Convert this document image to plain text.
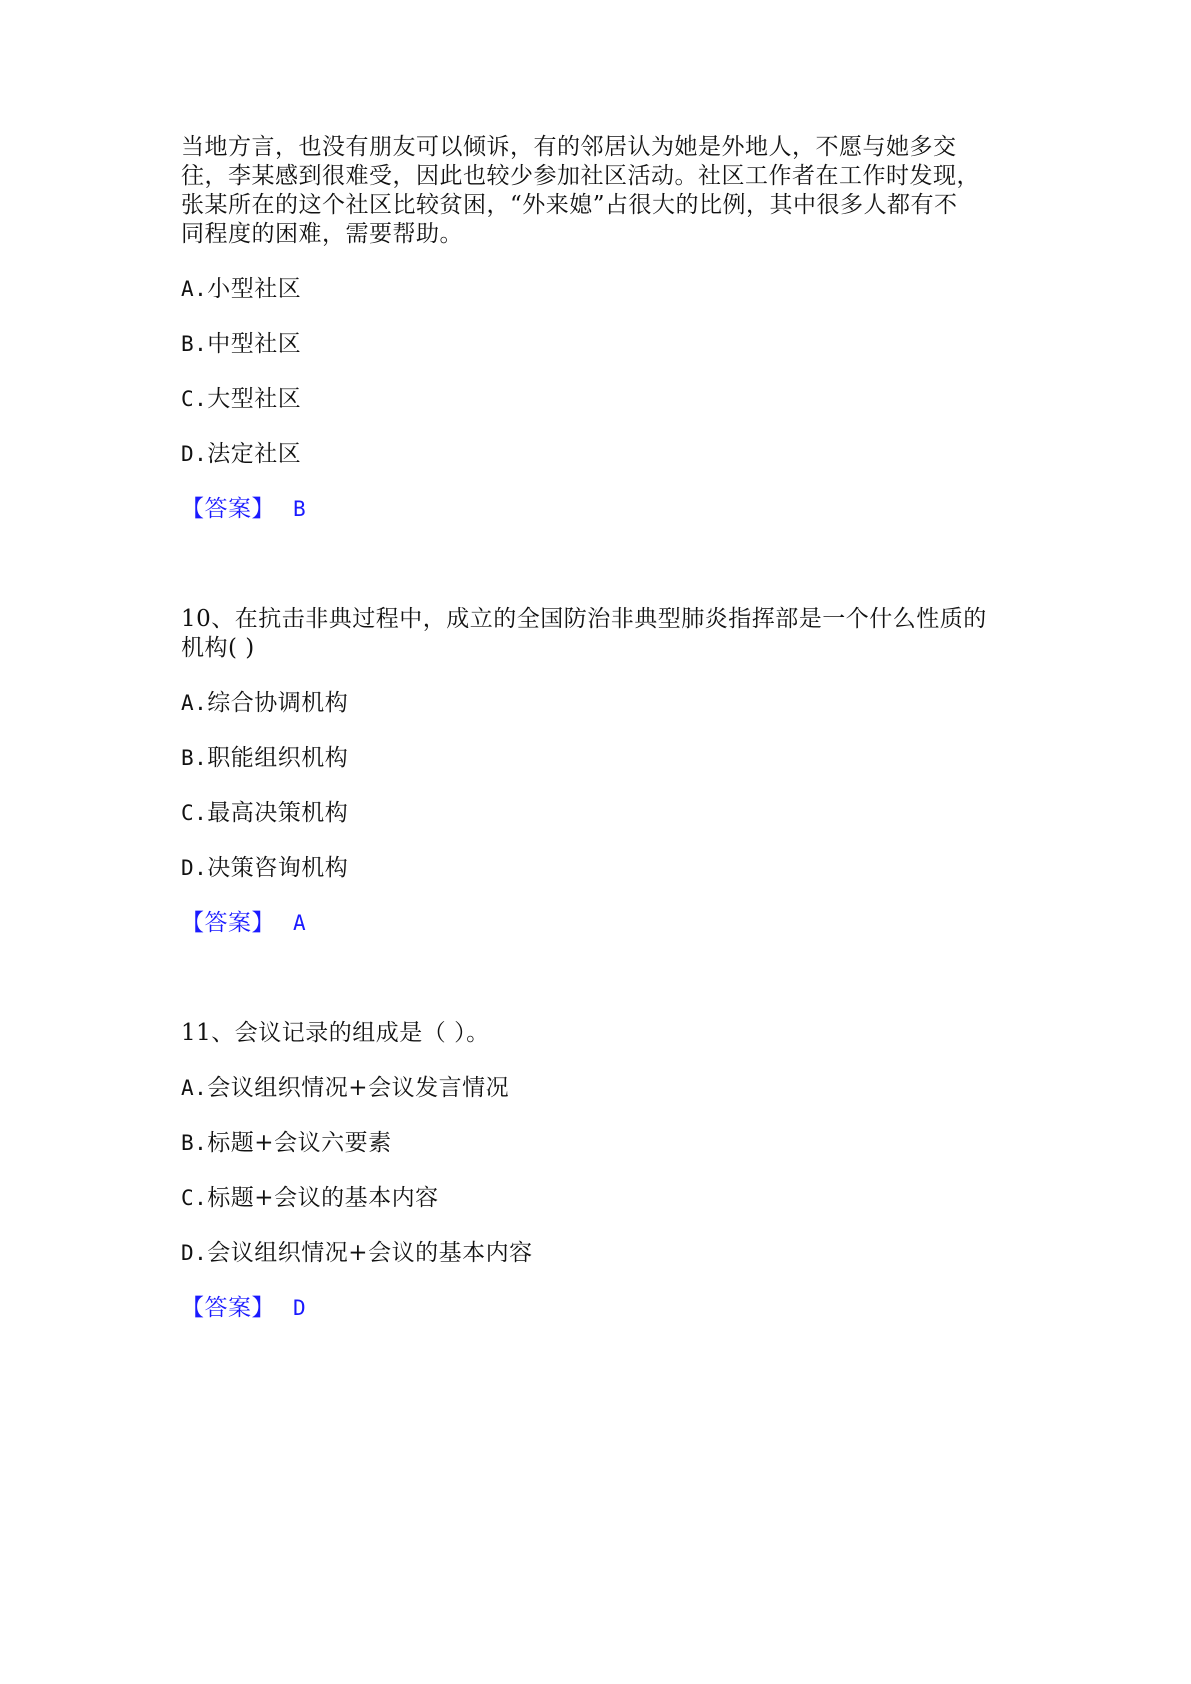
当地方言，也没有朋友可以倾诉，有的邻居认为她是外地人，不愿与她多交
往，李某感到很难受，因此也较少参加社区活动。社区工作者在工作时发现，
张某所在的这个社区比较贫困，“外来媳”占很大的比例，其中很多人都有不
同程度的困难，需要帮助。
A.小型社区
B.中型社区
C.大型社区
D.法定社区
【答案】 B
10、在抗击非典过程中，成立的全国防治非典型肺炎指挥部是一个什么性质的
机构( )
A.综合协调机构
B.职能组织机构
C.最高决策机构
D.决策咨询机构
【答案】 A
11、会议记录的组成是（ ）。
A.会议组织情况+会议发言情况
B.标题+会议六要素
C.标题+会议的基本内容
D.会议组织情况+会议的基本内容
【答案】 D
